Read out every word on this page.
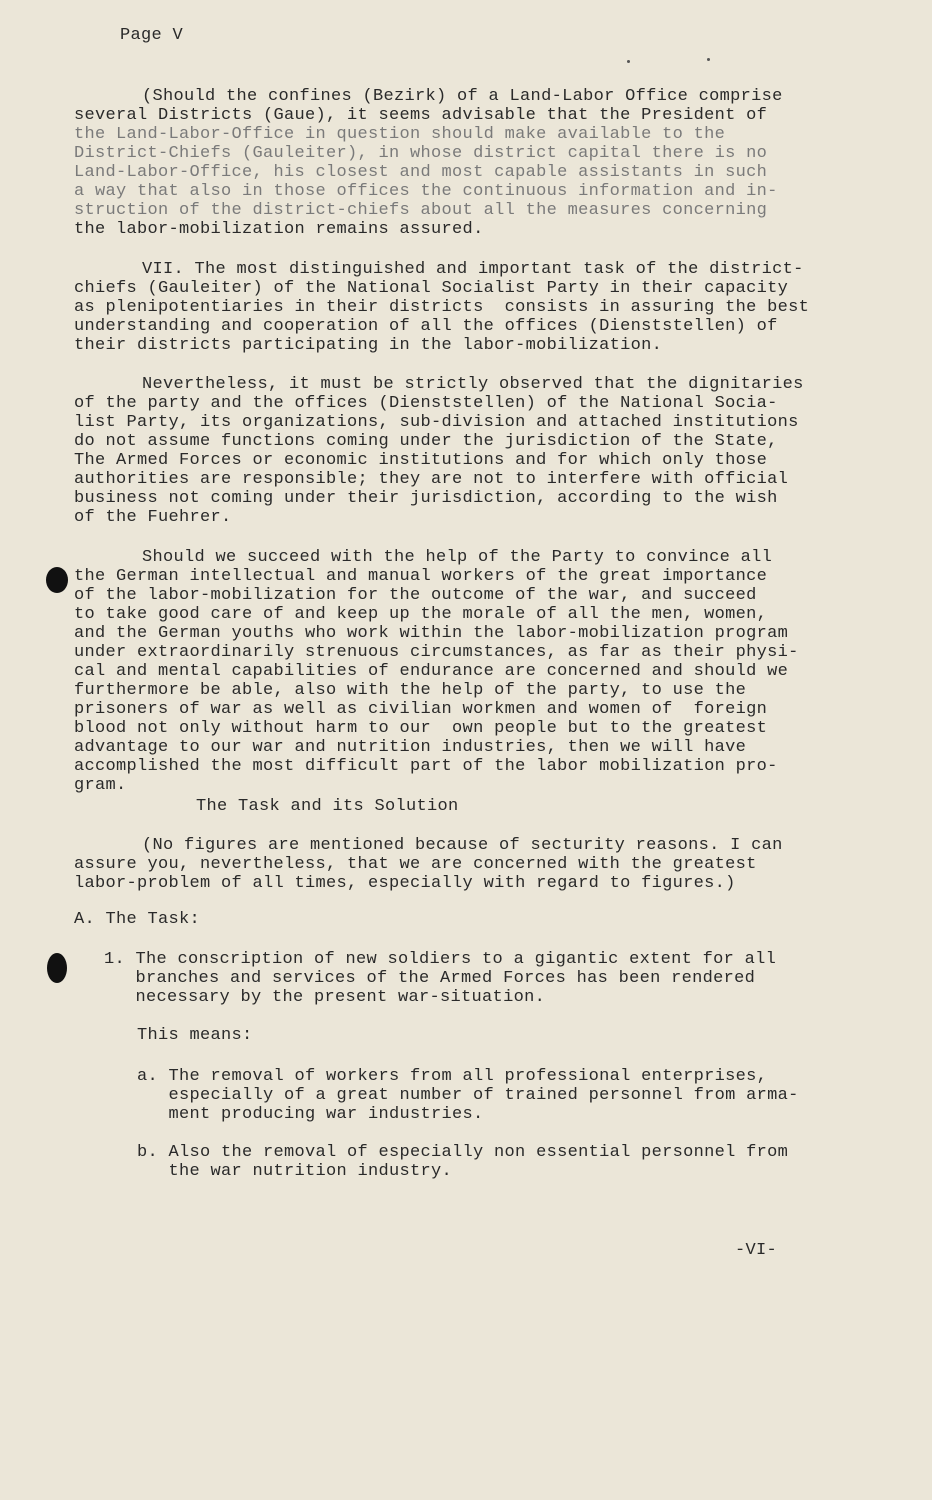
Page V
(Should the confines (Bezirk) of a Land-Labor Office comprise
several Districts (Gaue), it seems advisable that the President of
the Land-Labor-Office in question should make available to the
District-Chiefs (Gauleiter), in whose district capital there is no
Land-Labor-Office, his closest and most capable assistants in such
a way that also in those offices the continuous information and in-
struction of the district-chiefs about all the measures concerning
the labor-mobilization remains assured.
VII. The most distinguished and important task of the district-
chiefs (Gauleiter) of the National Socialist Party in their capacity
as plenipotentiaries in their districts  consists in assuring the best
understanding and cooperation of all the offices (Dienststellen) of
their districts participating in the labor-mobilization.
Nevertheless, it must be strictly observed that the dignitaries
of the party and the offices (Dienststellen) of the National Socia-
list Party, its organizations, sub-division and attached institutions
do not assume functions coming under the jurisdiction of the State,
The Armed Forces or economic institutions and for which only those
authorities are responsible; they are not to interfere with official
business not coming under their jurisdiction, according to the wish
of the Fuehrer.
Should we succeed with the help of the Party to convince all
the German intellectual and manual workers of the great importance
of the labor-mobilization for the outcome of the war, and succeed
to take good care of and keep up the morale of all the men, women,
and the German youths who work within the labor-mobilization program
under extraordinarily strenuous circumstances, as far as their physi-
cal and mental capabilities of endurance are concerned and should we
furthermore be able, also with the help of the party, to use the
prisoners of war as well as civilian workmen and women of  foreign
blood not only without harm to our  own people but to the greatest
advantage to our war and nutrition industries, then we will have
accomplished the most difficult part of the labor mobilization pro-
gram.
The Task and its Solution
(No figures are mentioned because of secturity reasons. I can
assure you, nevertheless, that we are concerned with the greatest
labor-problem of all times, especially with regard to figures.)
A. The Task:
1. The conscription of new soldiers to a gigantic extent for all
branches and services of the Armed Forces has been rendered
necessary by the present war-situation.
This means:
a. The removal of workers from all professional enterprises,
especially of a great number of trained personnel from arma-
ment producing war industries.
b. Also the removal of especially non essential personnel from
the war nutrition industry.
-VI-
